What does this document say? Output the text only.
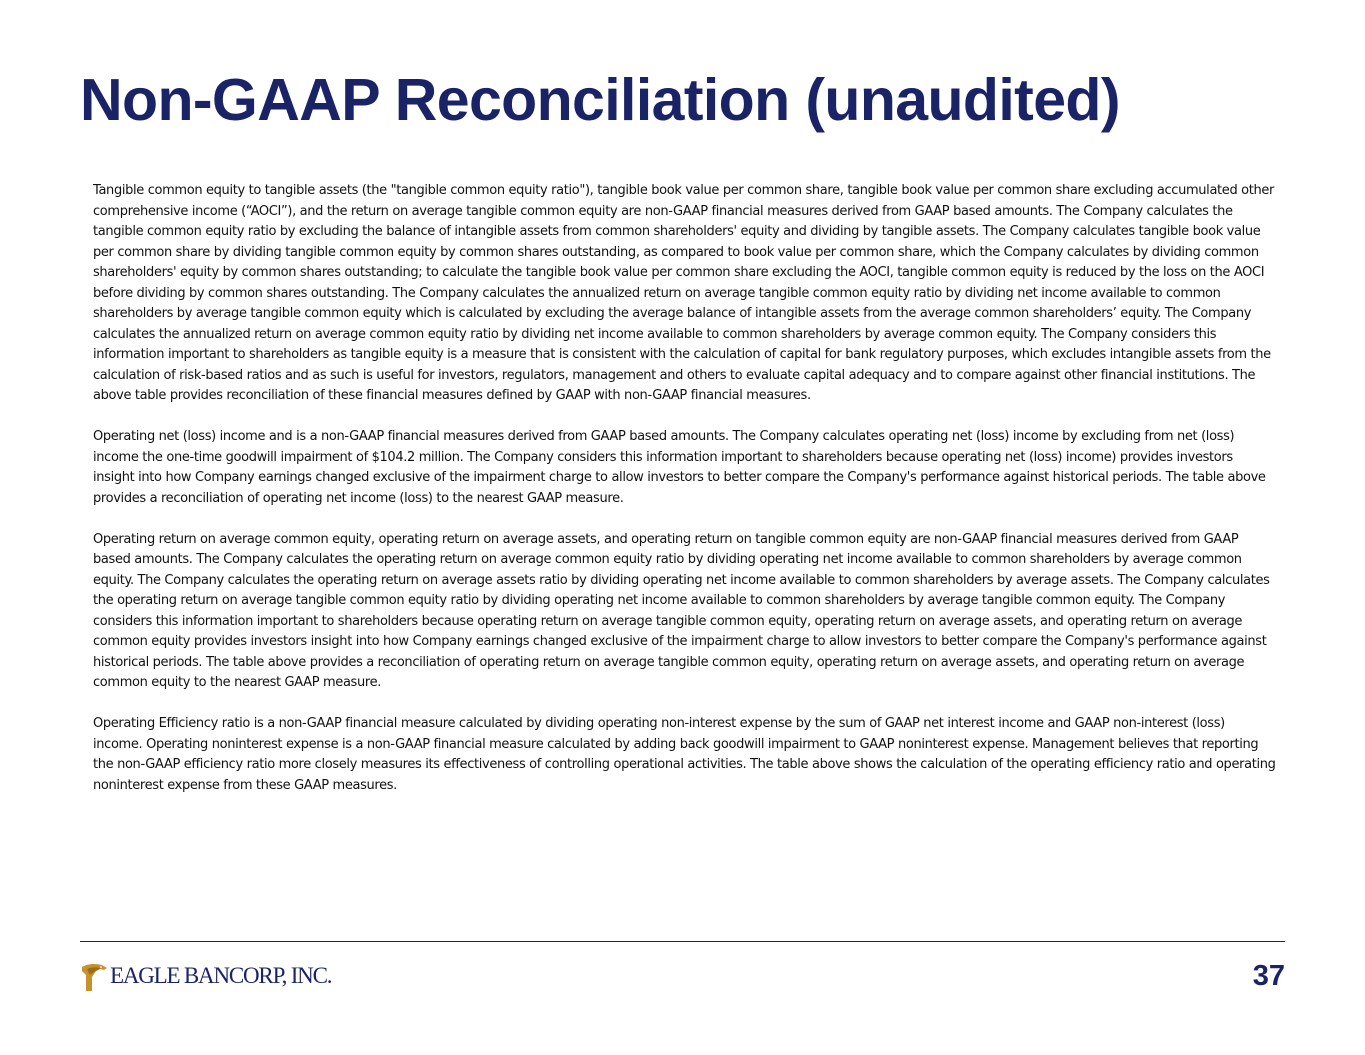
Non-GAAP Reconciliation (unaudited)

Tangible common equity to tangible assets (the "tangible common equity ratio"), tangible book value per common share, tangible book value per common share excluding accumulated other comprehensive income (“AOCI”), and the return on average tangible common equity are non-GAAP financial measures derived from GAAP based amounts. The Company calculates the tangible common equity ratio by excluding the balance of intangible assets from common shareholders' equity and dividing by tangible assets. The Company calculates tangible book value per common share by dividing tangible common equity by common shares outstanding, as compared to book value per common share, which the Company calculates by dividing common shareholders' equity by common shares outstanding; to calculate the tangible book value per common share excluding the AOCI, tangible common equity is reduced by the loss on the AOCI before dividing by common shares outstanding. The Company calculates the annualized return on average tangible common equity ratio by dividing net income available to common shareholders by average tangible common equity which is calculated by excluding the average balance of intangible assets from the average common shareholders’ equity. The Company calculates the annualized return on average common equity ratio by dividing net income available to common shareholders by average common equity. The Company considers this information important to shareholders as tangible equity is a measure that is consistent with the calculation of capital for bank regulatory purposes, which excludes intangible assets from the calculation of risk-based ratios and as such is useful for investors, regulators, management and others to evaluate capital adequacy and to compare against other financial institutions. The above table provides reconciliation of these financial measures defined by GAAP with non-GAAP financial measures.

Operating net (loss) income and is a non-GAAP financial measures derived from GAAP based amounts. The Company calculates operating net (loss) income by excluding from net (loss) income the one-time goodwill impairment of $104.2 million. The Company considers this information important to shareholders because operating net (loss) income) provides investors insight into how Company earnings changed exclusive of the impairment charge to allow investors to better compare the Company's performance against historical periods. The table above provides a reconciliation of operating net income (loss) to the nearest GAAP measure.

Operating return on average common equity, operating return on average assets, and operating return on tangible common equity are non-GAAP financial measures derived from GAAP based amounts. The Company calculates the operating return on average common equity ratio by dividing operating net income available to common shareholders by average common equity. The Company calculates the operating return on average assets ratio by dividing operating net income available to common shareholders by average assets. The Company calculates the operating return on average tangible common equity ratio by dividing operating net income available to common shareholders by average tangible common equity. The Company considers this information important to shareholders because operating return on average tangible common equity, operating return on average assets, and operating return on average common equity provides investors insight into how Company earnings changed exclusive of the impairment charge to allow investors to better compare the Company's performance against historical periods. The table above provides a reconciliation of operating return on average tangible common equity, operating return on average assets, and operating return on average common equity to the nearest GAAP measure.

Operating Efficiency ratio is a non-GAAP financial measure calculated by dividing operating non-interest expense by the sum of GAAP net interest income and GAAP non-interest (loss) income. Operating noninterest expense is a non-GAAP financial measure calculated by adding back goodwill impairment to GAAP noninterest expense. Management believes that reporting the non-GAAP efficiency ratio more closely measures its effectiveness of controlling operational activities. The table above shows the calculation of the operating efficiency ratio and operating noninterest expense from these GAAP measures.

EAGLE BANCORP, INC.	37
